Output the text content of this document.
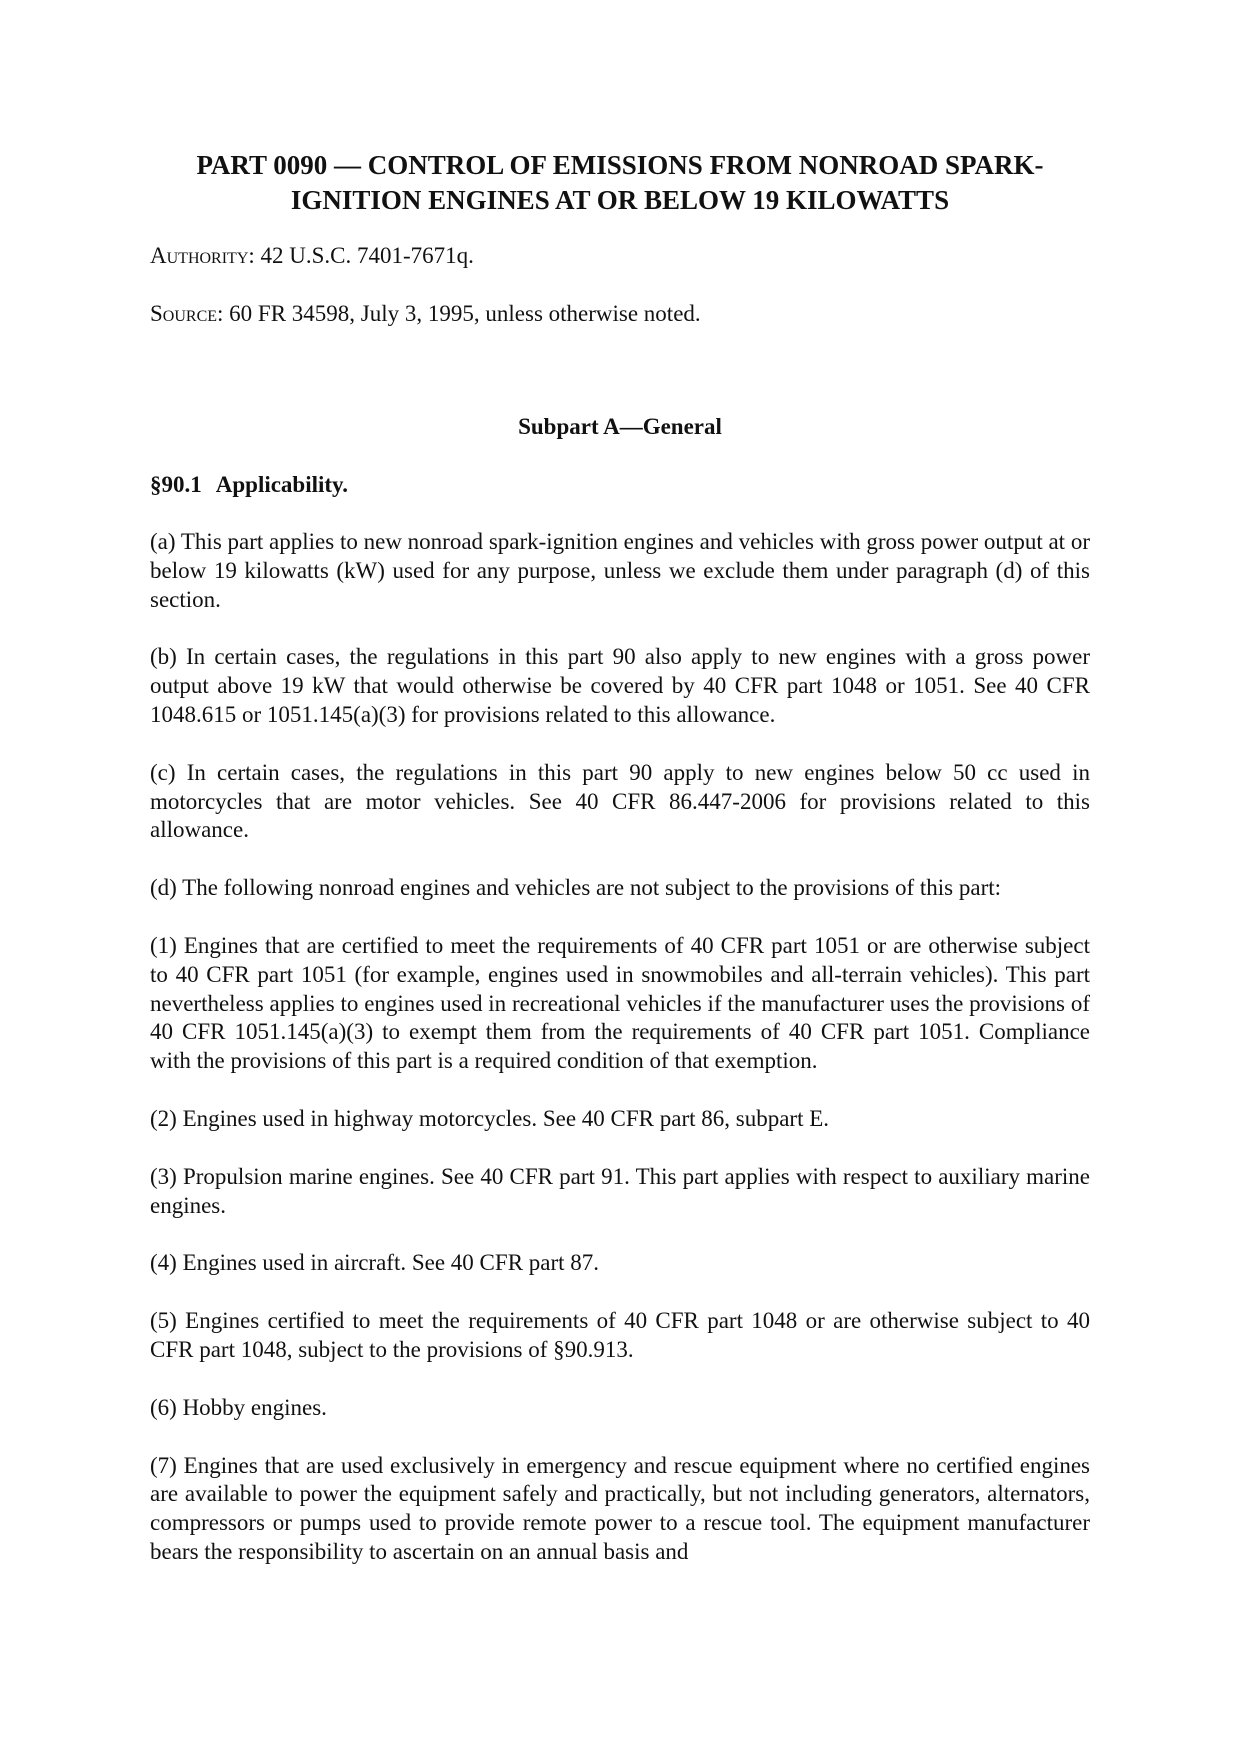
PART 0090 — CONTROL OF EMISSIONS FROM NONROAD SPARK-IGNITION ENGINES AT OR BELOW 19 KILOWATTS
Authority: 42 U.S.C. 7401-7671q.
Source: 60 FR 34598, July 3, 1995, unless otherwise noted.
Subpart A—General
§90.1 Applicability.

(a) This part applies to new nonroad spark-ignition engines and vehicles with gross power output at or below 19 kilowatts (kW) used for any purpose, unless we exclude them under paragraph (d) of this section.

(b) In certain cases, the regulations in this part 90 also apply to new engines with a gross power output above 19 kW that would otherwise be covered by 40 CFR part 1048 or 1051. See 40 CFR 1048.615 or 1051.145(a)(3) for provisions related to this allowance.

(c) In certain cases, the regulations in this part 90 apply to new engines below 50 cc used in motorcycles that are motor vehicles. See 40 CFR 86.447-2006 for provisions related to this allowance.

(d) The following nonroad engines and vehicles are not subject to the provisions of this part:

(1) Engines that are certified to meet the requirements of 40 CFR part 1051 or are otherwise subject to 40 CFR part 1051 (for example, engines used in snowmobiles and all-terrain vehicles). This part nevertheless applies to engines used in recreational vehicles if the manufacturer uses the provisions of 40 CFR 1051.145(a)(3) to exempt them from the requirements of 40 CFR part 1051. Compliance with the provisions of this part is a required condition of that exemption.

(2) Engines used in highway motorcycles. See 40 CFR part 86, subpart E.

(3) Propulsion marine engines. See 40 CFR part 91. This part applies with respect to auxiliary marine engines.

(4) Engines used in aircraft. See 40 CFR part 87.

(5) Engines certified to meet the requirements of 40 CFR part 1048 or are otherwise subject to 40 CFR part 1048, subject to the provisions of §90.913.

(6) Hobby engines.

(7) Engines that are used exclusively in emergency and rescue equipment where no certified engines are available to power the equipment safely and practically, but not including generators, alternators, compressors or pumps used to provide remote power to a rescue tool. The equipment manufacturer bears the responsibility to ascertain on an annual basis and
